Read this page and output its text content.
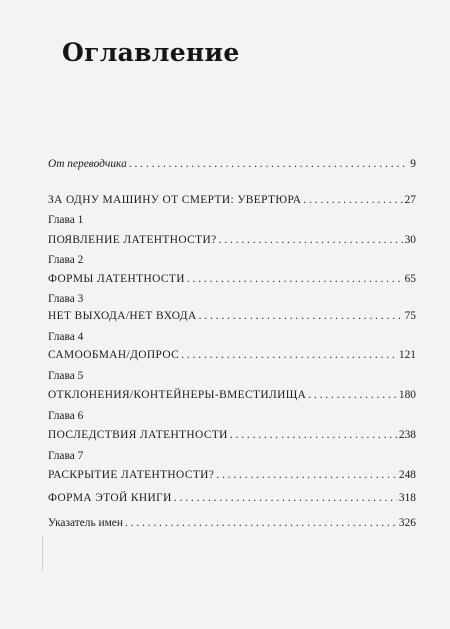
Оглавление
От переводчика . . .	9
ЗА ОДНУ МАШИНУ ОТ СМЕРТИ: УВЕРТЮРА . . .	27
Глава 1
ПОЯВЛЕНИЕ ЛАТЕНТНОСТИ? . . .	30
Глава 2
ФОРМЫ ЛАТЕНТНОСТИ . . .	65
Глава 3
НЕТ ВЫХОДА/НЕТ ВХОДА . . .	75
Глава 4
САМООБМАН/ДОПРОС . . .	121
Глава 5
ОТКЛОНЕНИЯ/КОНТЕЙНЕРЫ-ВМЕСТИЛИЩА . . .	180
Глава 6
ПОСЛЕДСТВИЯ ЛАТЕНТНОСТИ . . .	238
Глава 7
РАСКРЫТИЕ ЛАТЕНТНОСТИ? . . .	248
ФОРМА ЭТОЙ КНИГИ . . .	318
Указатель имен . . .	326
